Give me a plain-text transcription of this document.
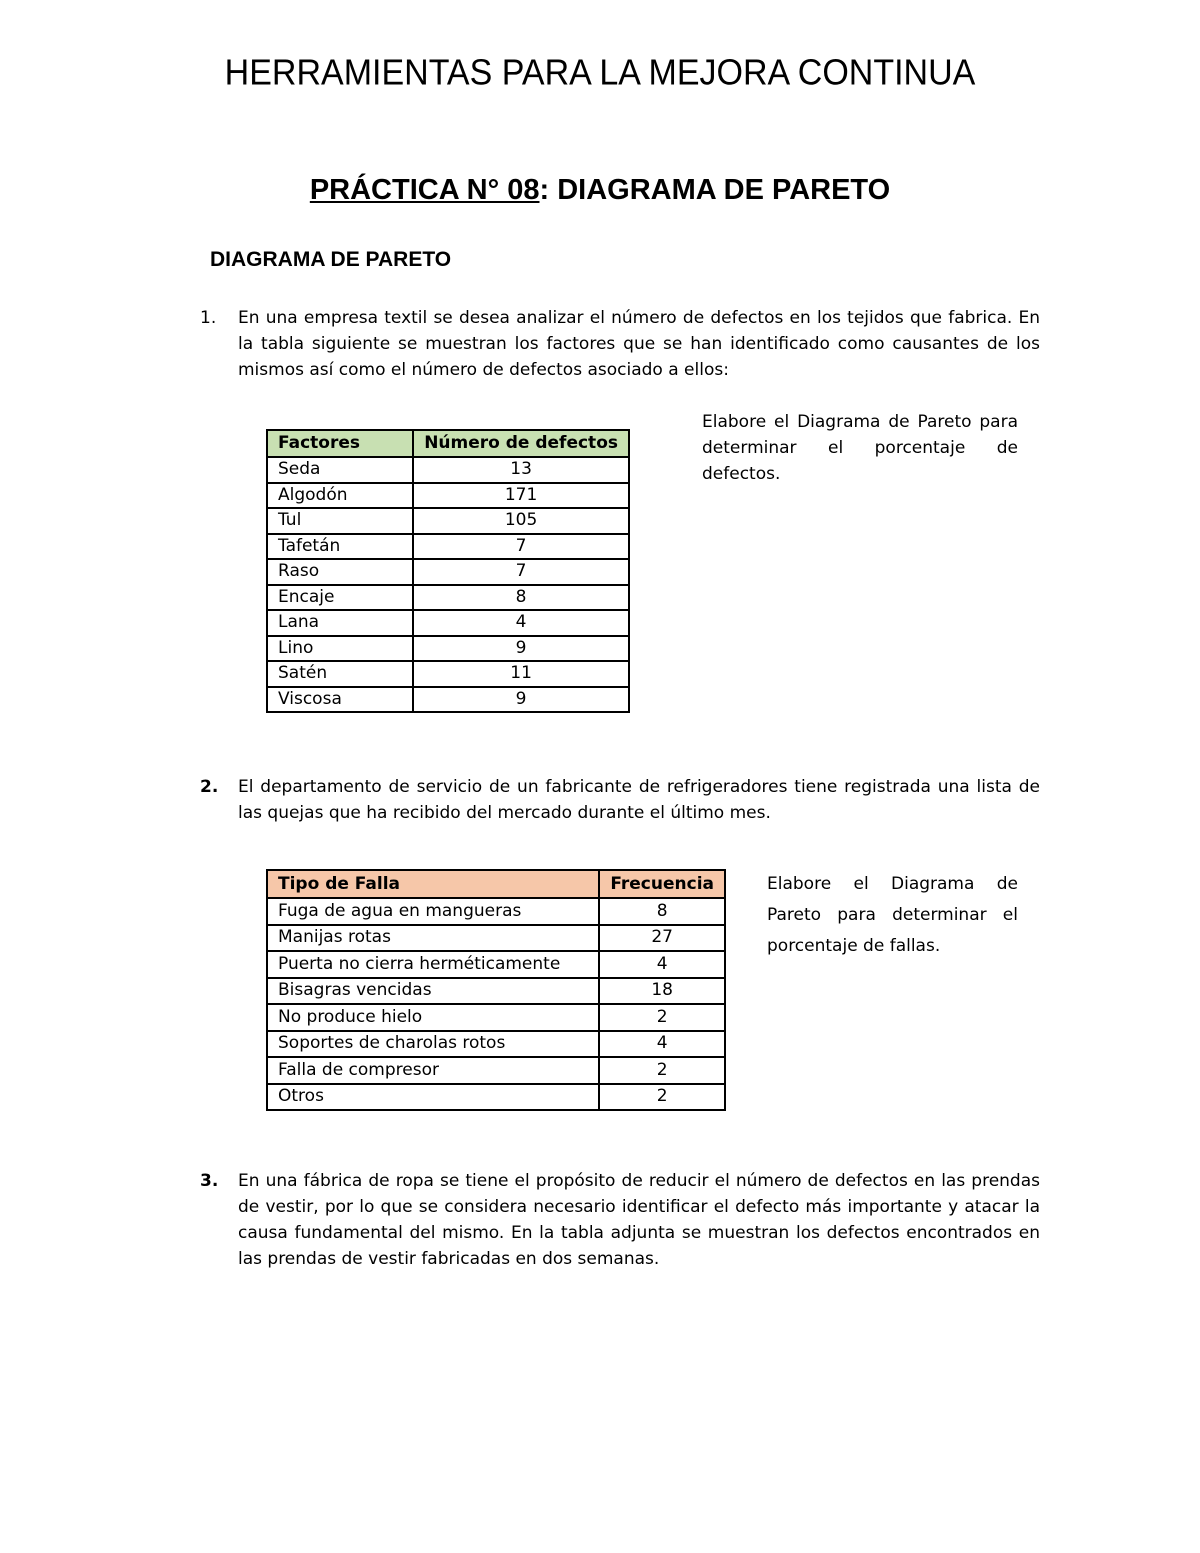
HERRAMIENTAS PARA LA MEJORA CONTINUA
PRÁCTICA N° 08: DIAGRAMA DE PARETO
DIAGRAMA DE PARETO
1.	En una empresa textil se desea analizar el número de defectos en los tejidos que fabrica. En la tabla siguiente se muestran los factores que se han identificado como causantes de los mismos así como el número de defectos asociado a ellos:
Factores	Número de defectos
Seda	13
Algodón	171
Tul	105
Tafetán	7
Raso	7
Encaje	8
Lana	4
Lino	9
Satén	11
Viscosa	9
Elabore el Diagrama de Pareto para determinar el porcentaje de defectos.
2.	El departamento de servicio de un fabricante de refrigeradores tiene registrada una lista de las quejas que ha recibido del mercado durante el último mes.
Tipo de Falla	Frecuencia
Fuga de agua en mangueras	8
Manijas rotas	27
Puerta no cierra herméticamente	4
Bisagras vencidas	18
No produce hielo	2
Soportes de charolas rotos	4
Falla de compresor	2
Otros	2
Elabore el Diagrama de Pareto para determinar el porcentaje de fallas.
3.	En una fábrica de ropa se tiene el propósito de reducir el número de defectos en las prendas de vestir, por lo que se considera necesario identificar el defecto más importante y atacar la causa fundamental del mismo. En la tabla adjunta se muestran los defectos encontrados en las prendas de vestir fabricadas en dos semanas.
